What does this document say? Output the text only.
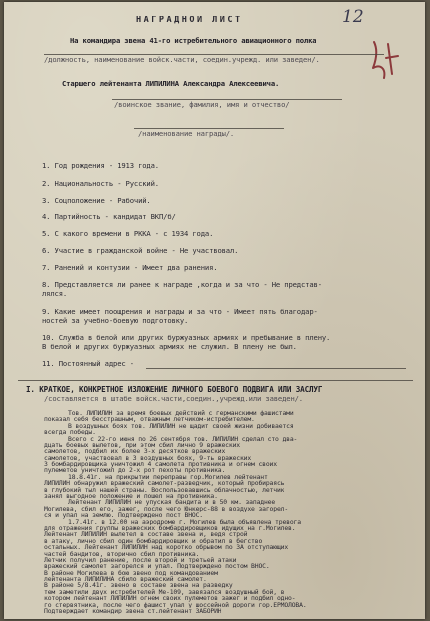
НАГРАДНОЙ ЛИСТ	12
На командира звена 41-го истребительного авиационного полка
/должность, наименование войск.части, соедин.учрежд. или заведен/.
Старшего лейтенанта ЛИПИЛИНА Александра Алексеевича.
/воинское звание, фамилия, имя и отчество/
/наименование награды/.
1. Год рождения - 1913 года.
2. Национальность - Русский.
3. Соцположение - Рабочий.
4. Партийность - кандидат ВКП/б/
5. С какого времени в РККА - с 1934 года.
6. Участие в гражданской войне - Не участвовал.
7. Ранений и контузии - Имеет два ранения.
8. Представляется ли ранее к награде ,когда и за что - Не представ-
лялся.
9. Какие имеет поощрения и награды и за что - Имеет пять благодар-
ностей за учебно-боевую подготовку.
10. Служба в белой или других буржуазных армиях и пребывание в плену.
В белой и других буржуазных армиях не служил. В плену не был.
11. Постоянный адрес -
I. КРАТКОЕ, КОНКРЕТНОЕ ИЗЛОЖЕНИЕ ЛИЧНОГО БОЕВОГО ПОДВИГА ИЛИ ЗАСЛУГ
/составляется в штабе войск.части,соедин.,учрежд.или заведен/.
Тов. ЛИПИЛИН за время боевых действий с германскими фашистами
показал себя бесстрашным, отважным летчиком-истребителем.
В воздушных боях тов. ЛИПИЛИН не щадит своей жизни добивается
всегда победы.
Всего с 22-го июня по 26 сентября тов. ЛИПИЛИН сделал сто два-
дцать боевых вылетов, при этом сбил лично 9 вражеских
самолетов, подбил их более 3-х десятков вражеских
самолетов, участвовал в 3 воздушных боях, 9-ть вражеских
3 бомбардировщика уничтожил 4 самолета противника и огнем своих
пулеметов уничтожил до 2-х рот пехоты противника.
18.8.41г. на прикрытии переправы гор.Могилев лейтенант
ЛИПИЛИН обнаружил вражеский самолет-разведчик, который пробираясь
в глубокий тыл нашей страны. Воспользовавшись облачностью, летчик
занял выгодное положение и пошел на противника.
Лейтенант ЛИПИЛИН не упуская бандита и в 50 км. западнее
Могилева, сбил его, зажег, после чего Юнкерс-88 в воздухе загорел-
ся и упал на землю. Подтверждено пост ВНОС.
1.7.41г. в 12.00 на аэродроме г. Могилев была объявлена тревога
для отражения группы вражеских бомбардировщиков идущих на г.Могилев.
Лейтенант ЛИПИЛИН вылетел в составе звена и, ведя строй
в атаку, лично сбил один бомбардировщик и обратил в бегство
остальных. Лейтенант ЛИПИЛИН над коротко обрывом по ЗА отступающих
частей бандитов, вторично сбил противника.
Летчик получил ранение, после второй и третьей атаки
вражеский самолет загорелся и упал. Подтверждено постом ВНОС.
В районе Могилева в бою звено под командованием
лейтенанта ЛИПИЛИНА сбило вражеский самолет.
В районе 5/8.41г. звено в составе звена на разведку
тем заметили двух истребителей Ме-109, завязался воздушный бой, в
котором лейтенант ЛИПИЛИН огнем своих пулеметов зажег и подбил одно-
го стервятника, после чего фашист упал у шоссейной дороги гор.ЕРМОЛОВА.
Подтверждает командир звена ст.лейтенант ЗАБОРИН
